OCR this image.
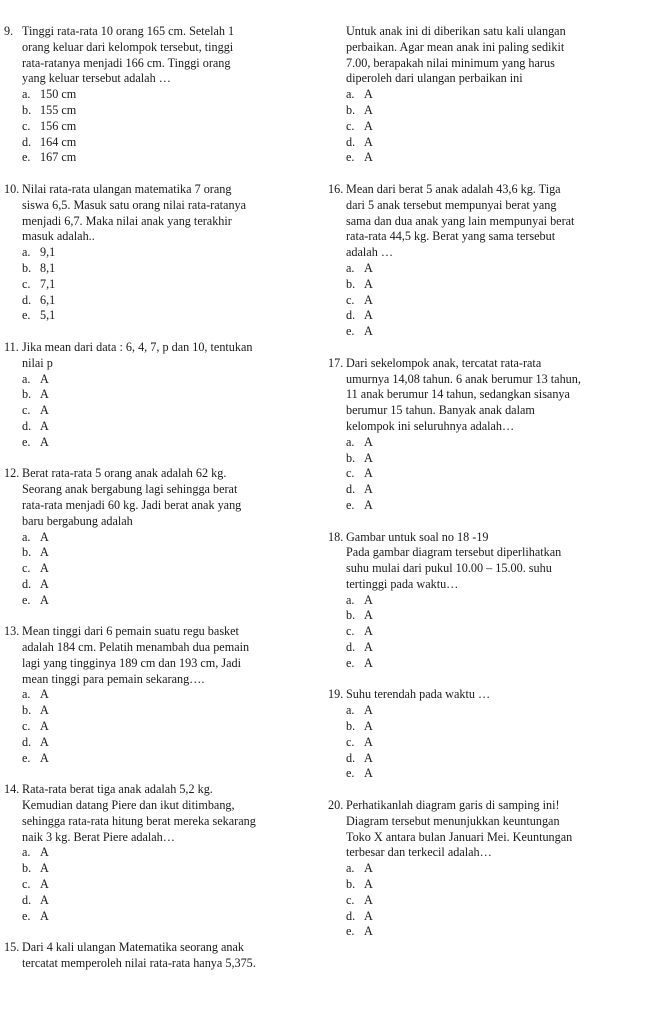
9. Tinggi rata-rata 10 orang 165 cm. Setelah 1
orang keluar dari kelompok tersebut, tinggi
rata-ratanya menjadi 166 cm. Tinggi orang
yang keluar tersebut adalah …
a. 150 cm
b. 155 cm
c. 156 cm
d. 164 cm
e. 167 cm
10. Nilai rata-rata ulangan matematika 7 orang
siswa 6,5. Masuk satu orang nilai rata-ratanya
menjadi 6,7. Maka nilai anak yang terakhir
masuk adalah..
a. 9,1
b. 8,1
c. 7,1
d. 6,1
e. 5,1
11. Jika mean dari data : 6, 4, 7, p dan 10, tentukan
nilai p
a. A
b. A
c. A
d. A
e. A
12. Berat rata-rata 5 orang anak adalah 62 kg.
Seorang anak bergabung lagi sehingga berat
rata-rata menjadi 60 kg. Jadi berat anak yang
baru bergabung adalah
a. A
b. A
c. A
d. A
e. A
13. Mean tinggi dari 6 pemain suatu regu basket
adalah 184 cm. Pelatih menambah dua pemain
lagi yang tingginya 189 cm dan 193 cm, Jadi
mean tinggi para pemain sekarang….
a. A
b. A
c. A
d. A
e. A
14. Rata-rata berat tiga anak adalah 5,2 kg.
Kemudian datang Piere dan ikut ditimbang,
sehingga rata-rata hitung berat mereka sekarang
naik 3 kg. Berat Piere adalah…
a. A
b. A
c. A
d. A
e. A
15. Dari 4 kali ulangan Matematika seorang anak
tercatat memperoleh nilai rata-rata hanya 5,375.
Untuk anak ini di diberikan satu kali ulangan
perbaikan. Agar mean anak ini paling sedikit
7.00, berapakah nilai minimum yang harus
diperoleh dari ulangan perbaikan ini
a. A
b. A
c. A
d. A
e. A
16. Mean dari berat 5 anak adalah 43,6 kg. Tiga
dari 5 anak tersebut mempunyai berat yang
sama dan dua anak yang lain mempunyai berat
rata-rata 44,5 kg. Berat yang sama tersebut
adalah …
a. A
b. A
c. A
d. A
e. A
17. Dari sekelompok anak, tercatat rata-rata
umurnya 14,08 tahun. 6 anak berumur 13 tahun,
11 anak berumur 14 tahun, sedangkan sisanya
berumur 15 tahun. Banyak anak dalam
kelompok ini seluruhnya adalah…
a. A
b. A
c. A
d. A
e. A
18. Gambar untuk soal no 18 -19
Pada gambar diagram tersebut diperlihatkan
suhu mulai dari pukul 10.00 – 15.00. suhu
tertinggi pada waktu…
a. A
b. A
c. A
d. A
e. A
19. Suhu terendah pada waktu …
a. A
b. A
c. A
d. A
e. A
20. Perhatikanlah diagram garis di samping ini!
Diagram tersebut menunjukkan keuntungan
Toko X antara bulan Januari Mei. Keuntungan
terbesar dan terkecil adalah…
a. A
b. A
c. A
d. A
e. A
